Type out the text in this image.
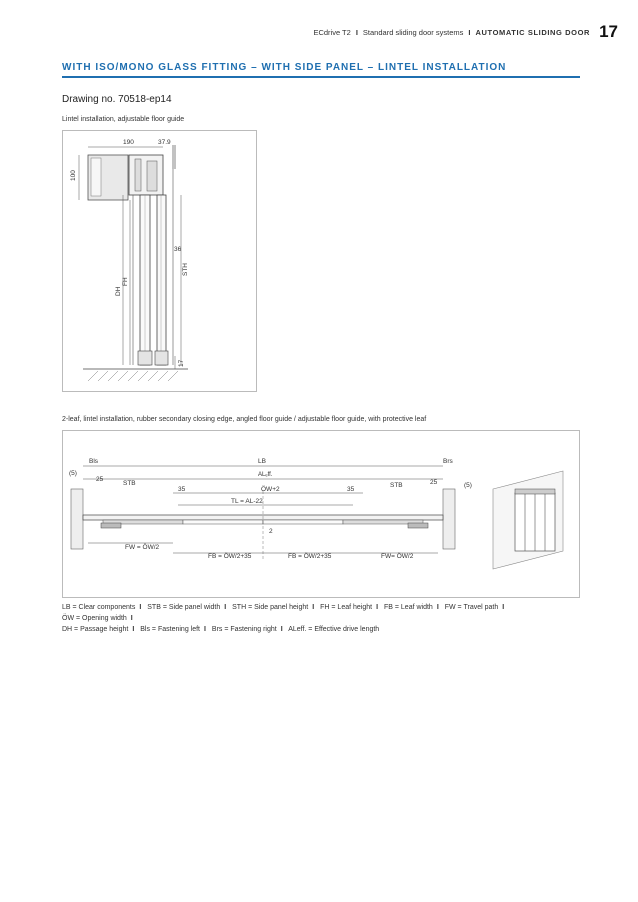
ECdrive T2 I Standard sliding door systems I AUTOMATIC SLIDING DOOR 17
WITH ISO/MONO GLASS FITTING – WITH SIDE PANEL – LINTEL INSTALLATION
Drawing no. 70518-ep14
Lintel installation, adjustable floor guide
190	37.9
100
36
DH
FH
STH
17
2-leaf, lintel installation, rubber secondary closing edge, angled floor guide / adjustable floor guide, with protective leaf
Bls	LB	Brs
ALₑff.
(5)
(5)
25	25
STB	STB
35	35
ÖW+2
TL = AL-22
2
FW = ÖW/2
FB = ÖW/2+35	FB = ÖW/2+35	FW= ÖW/2
LB = Clear components I STB = Side panel width I STH = Side panel height I FH = Leaf height I FB = Leaf width I FW = Travel path I ÖW = Opening width I
DH = Passage height I Bls = Fastening left I Brs = Fastening right I ALeff. = Effective drive length
